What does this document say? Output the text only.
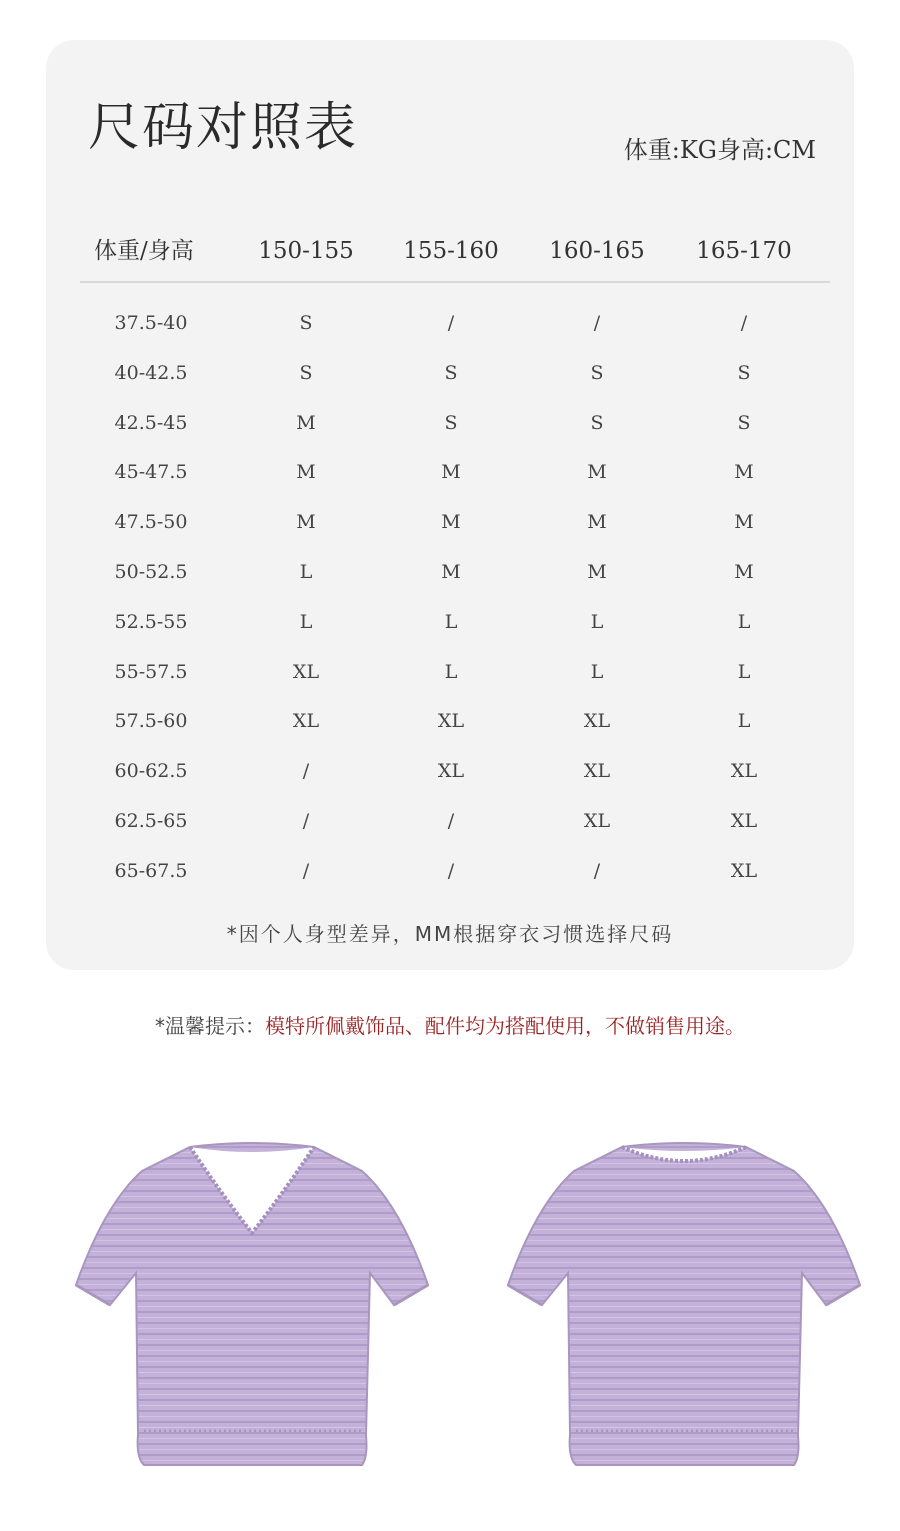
尺码对照表	体重:KG身高:CM
体重/身高	150-155	155-160	160-165	165-170
37.5-40	S	/	/	/
40-42.5	S	S	S	S
42.5-45	M	S	S	S
45-47.5	M	M	M	M
47.5-50	M	M	M	M
50-52.5	L	M	M	M
52.5-55	L	L	L	L
55-57.5	XL	L	L	L
57.5-60	XL	XL	XL	L
60-62.5	/	XL	XL	XL
62.5-65	/	/	XL	XL
65-67.5	/	/	/	XL
*因个人身型差异，MM根据穿衣习惯选择尺码
*温馨提示：模特所佩戴饰品、配件均为搭配使用，不做销售用途。
